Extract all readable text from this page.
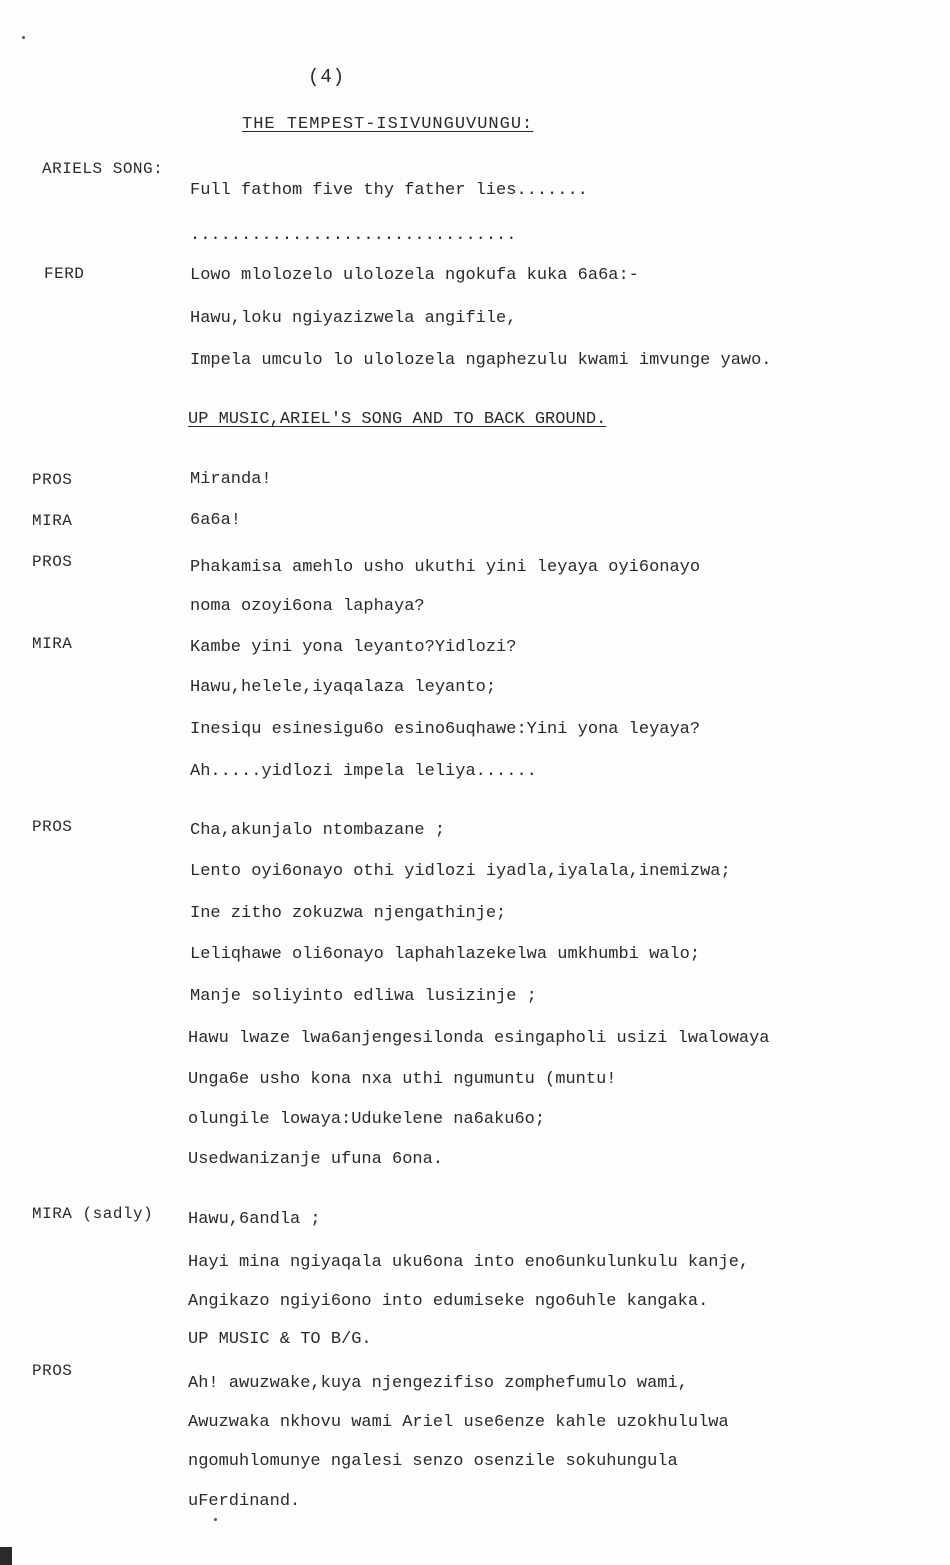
(4)
THE TEMPEST-ISIVUNGUVUNGU:
ARIELS SONG:
Full fathom five thy father lies.......
................................
FERD	Lowo mlolozelo ulolozela ngokufa kuka 6a6a:-
Hawu,loku ngiyazizwela angifile,
Impela umculo lo ulolozela ngaphezulu kwami imvunge yawo.
UP MUSIC,ARIEL'S SONG AND TO BACK GROUND.
PROS	Miranda!
MIRA	6a6a!
PROS	Phakamisa amehlo usho ukuthi yini leyaya oyi6onayo
noma ozoyi6ona laphaya?
MIRA	Kambe yini yona leyanto?Yidlozi?
Hawu,helele,iyaqalaza leyanto;
Inesiqu esinesigu6o esino6uqhawe:Yini yona leyaya?
Ah.....yidlozi impela leliya......
PROS	Cha,akunjalo ntombazane ;
Lento oyi6onayo othi yidlozi iyadla,iyalala,inemizwa;
Ine zitho zokuzwa njengathinje;
Leliqhawe oli6onayo laphahlazekelwa umkhumbi walo;
Manje soliyinto edliwa lusizinje ;
Hawu lwaze lwa6anjengesilonda esingapholi usizi lwalowaya
Unga6e usho kona nxa uthi ngumuntu (muntu!
olungile lowaya:Udukelene na6aku6o;
Usedwanizanje ufuna 6ona.
MIRA (sadly) Hawu,6andla ;
Hayi mina ngiyaqala uku6ona into eno6unkulunkulu kanje,
Angikazo ngiyi6ono into edumiseke ngo6uhle kangaka.
UP MUSIC & TO B/G.
PROS
Ah! awuzwake,kuya njengezifiso zomphefumulo wami,
Awuzwaka nkhovu wami Ariel use6enze kahle uzokhululwa
ngomuhlomunye ngalesi senzo osenzile sokuhungula
uFerdinand.
